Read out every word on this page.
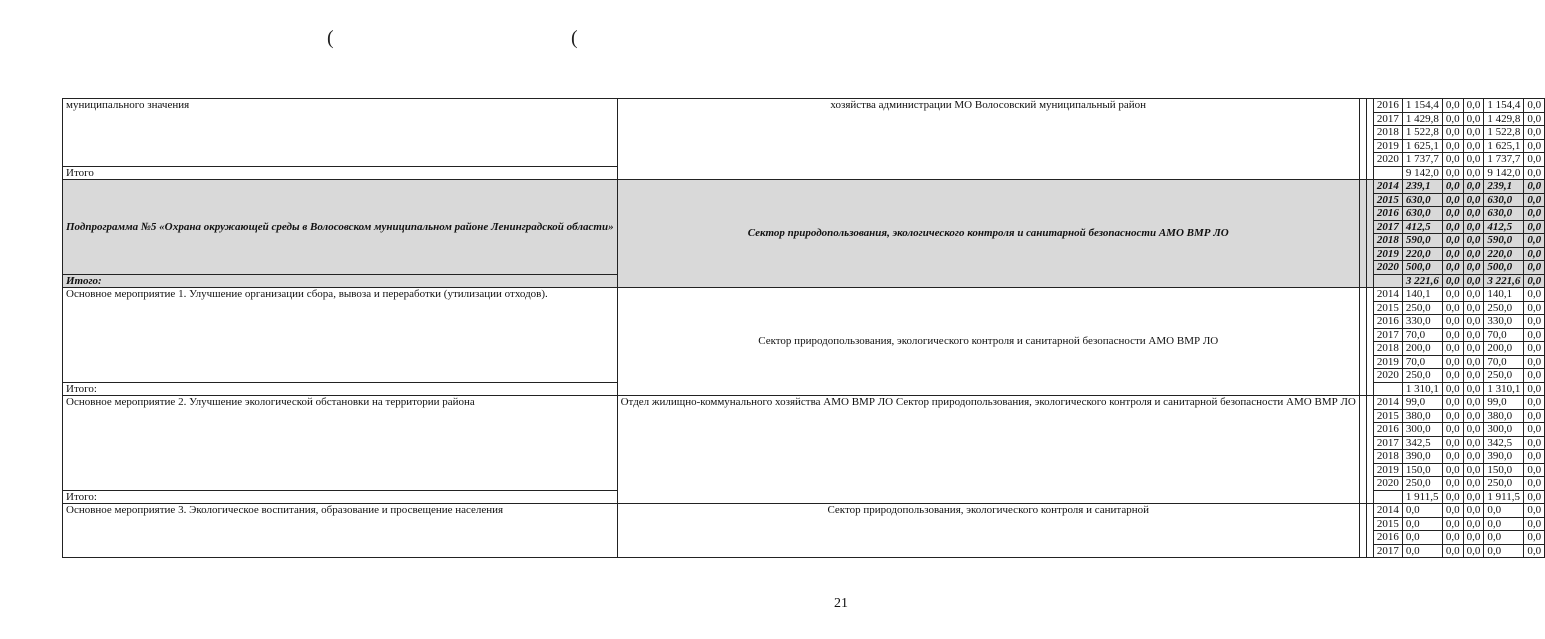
(	(
муниципального значения	хозяйства администрации МО Волосовский муниципальный район			2016	1 154,4	0,0	0,0	1 154,4	0,0
				2017	1 429,8	0,0	0,0	1 429,8	0,0
				2018	1 522,8	0,0	0,0	1 522,8	0,0
				2019	1 625,1	0,0	0,0	1 625,1	0,0
				2020	1 737,7	0,0	0,0	1 737,7	0,0
Итого					9 142,0	0,0	0,0	9 142,0	0,0
Подпрограмма №5 «Охрана окружающей среды в Волосовском муниципальном районе Ленинградской области»	Сектор природопользования, экологического контроля и санитарной безопасности АМО ВМР ЛО			2014	239,1	0,0	0,0	239,1	0,0
				2015	630,0	0,0	0,0	630,0	0,0
				2016	630,0	0,0	0,0	630,0	0,0
				2017	412,5	0,0	0,0	412,5	0,0
				2018	590,0	0,0	0,0	590,0	0,0
				2019	220,0	0,0	0,0	220,0	0,0
				2020	500,0	0,0	0,0	500,0	0,0
Итого:					3 221,6	0,0	0,0	3 221,6	0,0
Основное мероприятие 1. Улучшение организации сбора, вывоза и переработки (утилизации отходов).	Сектор природопользования, экологического контроля и санитарной безопасности АМО ВМР ЛО			2014	140,1	0,0	0,0	140,1	0,0
				2015	250,0	0,0	0,0	250,0	0,0
				2016	330,0	0,0	0,0	330,0	0,0
				2017	70,0	0,0	0,0	70,0	0,0
				2018	200,0	0,0	0,0	200,0	0,0
				2019	70,0	0,0	0,0	70,0	0,0
				2020	250,0	0,0	0,0	250,0	0,0
Итого:					1 310,1	0,0	0,0	1 310,1	0,0
Основное мероприятие 2. Улучшение экологической обстановки на территории района	Отдел жилищно-коммунального хозяйства АМО ВМР ЛО Сектор природопользования, экологического контроля и санитарной безопасности АМО ВМР ЛО			2014	99,0	0,0	0,0	99,0	0,0
				2015	380,0	0,0	0,0	380,0	0,0
				2016	300,0	0,0	0,0	300,0	0,0
				2017	342,5	0,0	0,0	342,5	0,0
				2018	390,0	0,0	0,0	390,0	0,0
				2019	150,0	0,0	0,0	150,0	0,0
				2020	250,0	0,0	0,0	250,0	0,0
Итого:					1 911,5	0,0	0,0	1 911,5	0,0
Основное мероприятие 3. Экологическое воспитания, образование и просвещение населения	Сектор природопользования, экологического контроля и санитарной			2014	0,0	0,0	0,0	0,0	0,0
				2015	0,0	0,0	0,0	0,0	0,0
				2016	0,0	0,0	0,0	0,0	0,0
				2017	0,0	0,0	0,0	0,0	0,0
21
